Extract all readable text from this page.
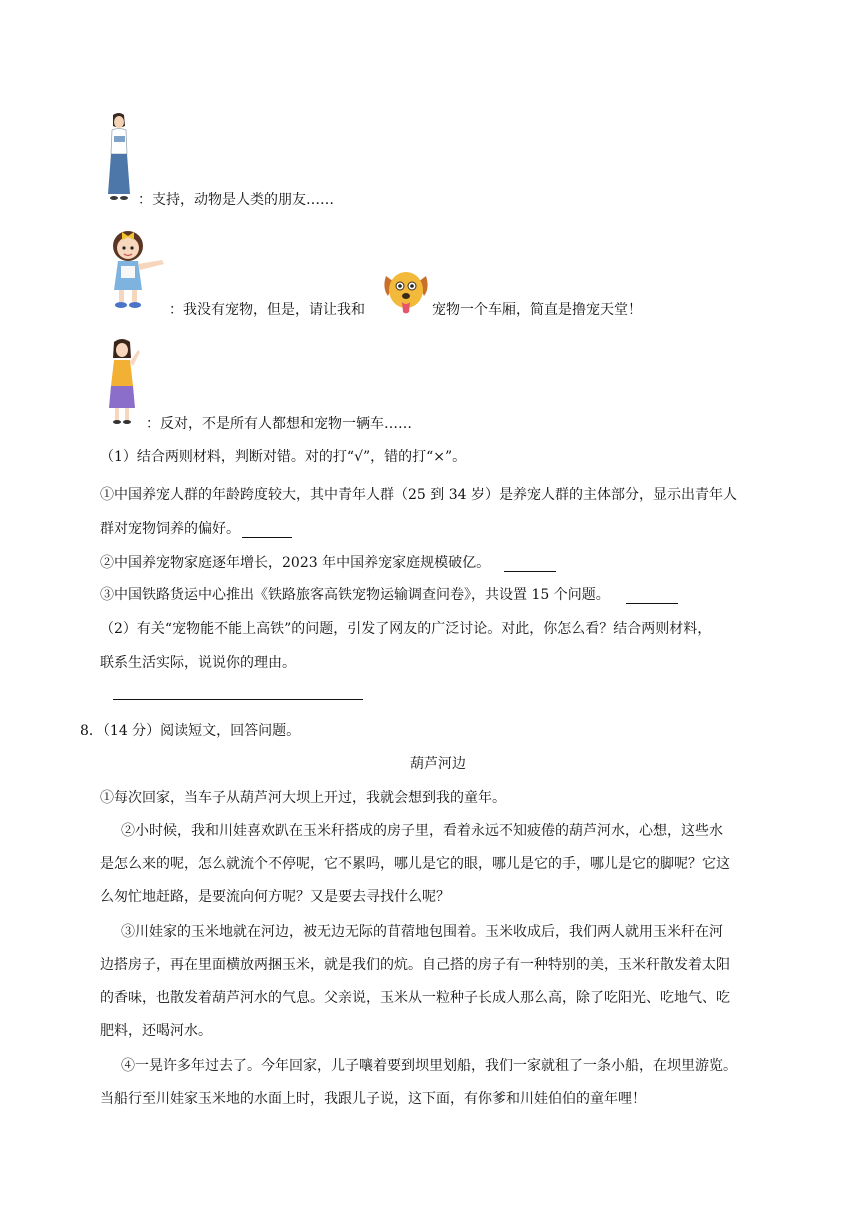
：支持，动物是人类的朋友……
：我没有宠物，但是，请让我和	宠物一个车厢，简直是撸宠天堂！
：反对，不是所有人都想和宠物一辆车……
（1）结合两则材料，判断对错。对的打“√”，错的打“×”。
①中国养宠人群的年龄跨度较大，其中青年人群（25 到 34 岁）是养宠人群的主体部分，显示出青年人
群对宠物饲养的偏好。
②中国养宠物家庭逐年增长，2023 年中国养宠家庭规模破亿。
③中国铁路货运中心推出《铁路旅客高铁宠物运输调查问卷》，共设置 15 个问题。
（2）有关“宠物能不能上高铁”的问题，引发了网友的广泛讨论。对此，你怎么看？结合两则材料，
联系生活实际，说说你的理由。
8．（14 分）阅读短文，回答问题。
葫芦河边
①每次回家，当车子从葫芦河大坝上开过，我就会想到我的童年。
②小时候，我和川娃喜欢趴在玉米秆搭成的房子里，看着永远不知疲倦的葫芦河水，心想，这些水
是怎么来的呢，怎么就流个不停呢，它不累吗，哪儿是它的眼，哪儿是它的手，哪儿是它的脚呢？它这
么匆忙地赶路，是要流向何方呢？又是要去寻找什么呢？
③川娃家的玉米地就在河边，被无边无际的苜蓿地包围着。玉米收成后，我们两人就用玉米秆在河
边搭房子，再在里面横放两捆玉米，就是我们的炕。自己搭的房子有一种特别的美，玉米秆散发着太阳
的香味，也散发着葫芦河水的气息。父亲说，玉米从一粒种子长成人那么高，除了吃阳光、吃地气、吃
肥料，还喝河水。
④一晃许多年过去了。今年回家，儿子嚷着要到坝里划船，我们一家就租了一条小船，在坝里游览。
当船行至川娃家玉米地的水面上时，我跟儿子说，这下面，有你爹和川娃伯伯的童年哩！
